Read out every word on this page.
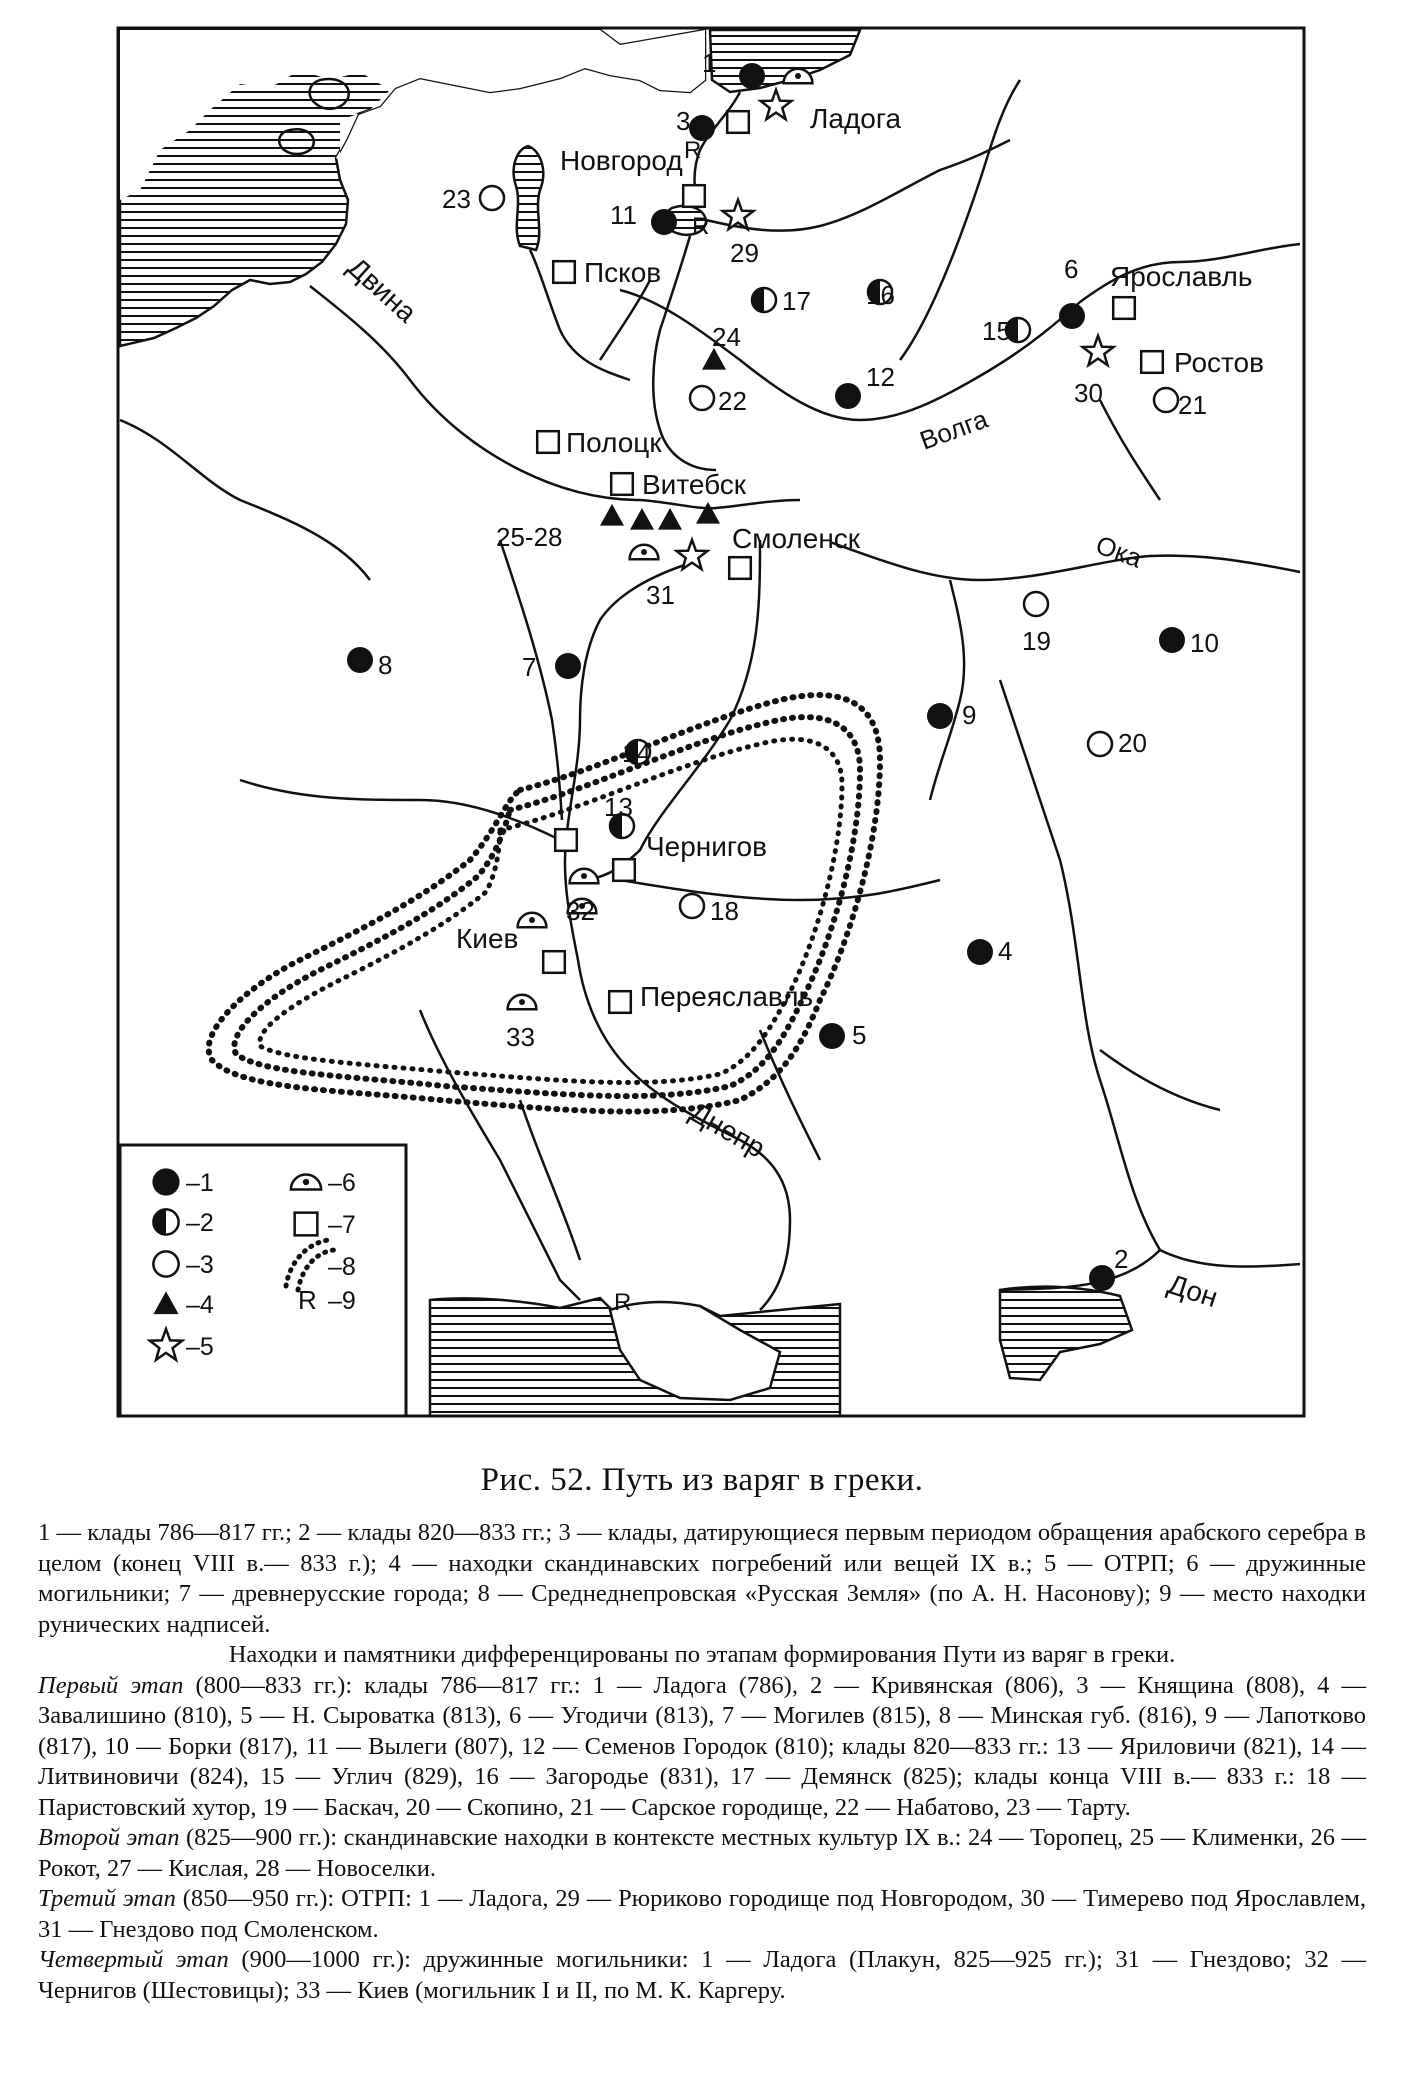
R
R
R
Ладога
Новгород
Псков	Ярославль
Ростов
Полоцк
Витебск
Смоленск
Чернигов
Киев
Переяславль
Двина
Волга
Ока
Днепр
Дон
1
3
11
23
29
6
15
16
17
24
12
22	30	21
25-28
31
8	7
19	10
14
9
20
13
32	18
4
33	5
2
–1
–2
–3
–4
–5
–6
–7
–8
R –9
Рис. 52. Путь из варяг в греки.

1 — клады 786—817 гг.; 2 — клады 820—833 гг.; 3 — клады, датирующиеся первым периодом обращения арабского серебра в целом (конец VIII в.— 833 г.); 4 — находки скандинавских погребений или вещей IX в.; 5 — ОТРП; 6 — дружинные могильники; 7 — древнерусские города; 8 — Среднеднепровская «Русская Земля» (по А. Н. Насонову); 9 — место находки рунических надписей.

Находки и памятники дифференцированы по этапам формирования Пути из варяг в греки.

Первый этап (800—833 гг.): клады 786—817 гг.: 1 — Ладога (786), 2 — Кривянская (806), 3 — Княщина (808), 4 — Завалишино (810), 5 — Н. Сыроватка (813), 6 — Угодичи (813), 7 — Могилев (815), 8 — Минская губ. (816), 9 — Лапотково (817), 10 — Борки (817), 11 — Вылеги (807), 12 — Семенов Городок (810); клады 820—833 гг.: 13 — Яриловичи (821), 14 — Литвиновичи (824), 15 — Углич (829), 16 — Загородье (831), 17 — Демянск (825); клады конца VIII в.— 833 г.: 18 — Паристовский хутор, 19 — Баскач, 20 — Скопино, 21 — Сарское городище, 22 — Набатово, 23 — Тарту.

Второй этап (825—900 гг.): скандинавские находки в контексте местных культур IX в.: 24 — Торопец, 25 — Клименки, 26 — Рокот, 27 — Кислая, 28 — Новоселки.

Третий этап (850—950 гг.): ОТРП: 1 — Ладога, 29 — Рюриково городище под Новгородом, 30 — Тимерево под Ярославлем, 31 — Гнездово под Смоленском.

Четвертый этап (900—1000 гг.): дружинные могильники: 1 — Ладога (Плакун, 825—925 гг.); 31 — Гнездово; 32 — Чернигов (Шестовицы); 33 — Киев (могильник I и II, по М. К. Каргеру.
